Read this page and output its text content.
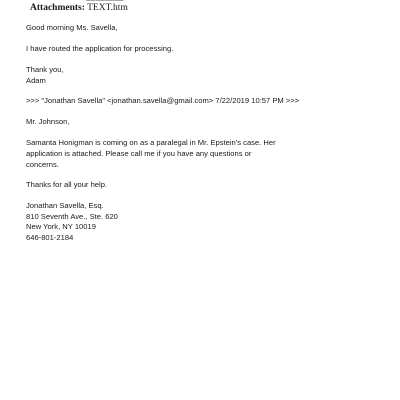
Attachments: TEXT.htm
Good morning Ms. Savella,
I have routed the application for processing.
Thank you,
Adam
>>> "Jonathan Savella" <jonathan.savella@gmail.com> 7/22/2019 10:57 PM >>>
Mr. Johnson,
Samanta Honigman is coming on as a paralegal in Mr. Epstein's case. Her
application is attached. Please call me if you have any questions or
concerns.
Thanks for all your help.
Jonathan Savella, Esq.
810 Seventh Ave., Ste. 620
New York, NY 10019
646-801-2184
